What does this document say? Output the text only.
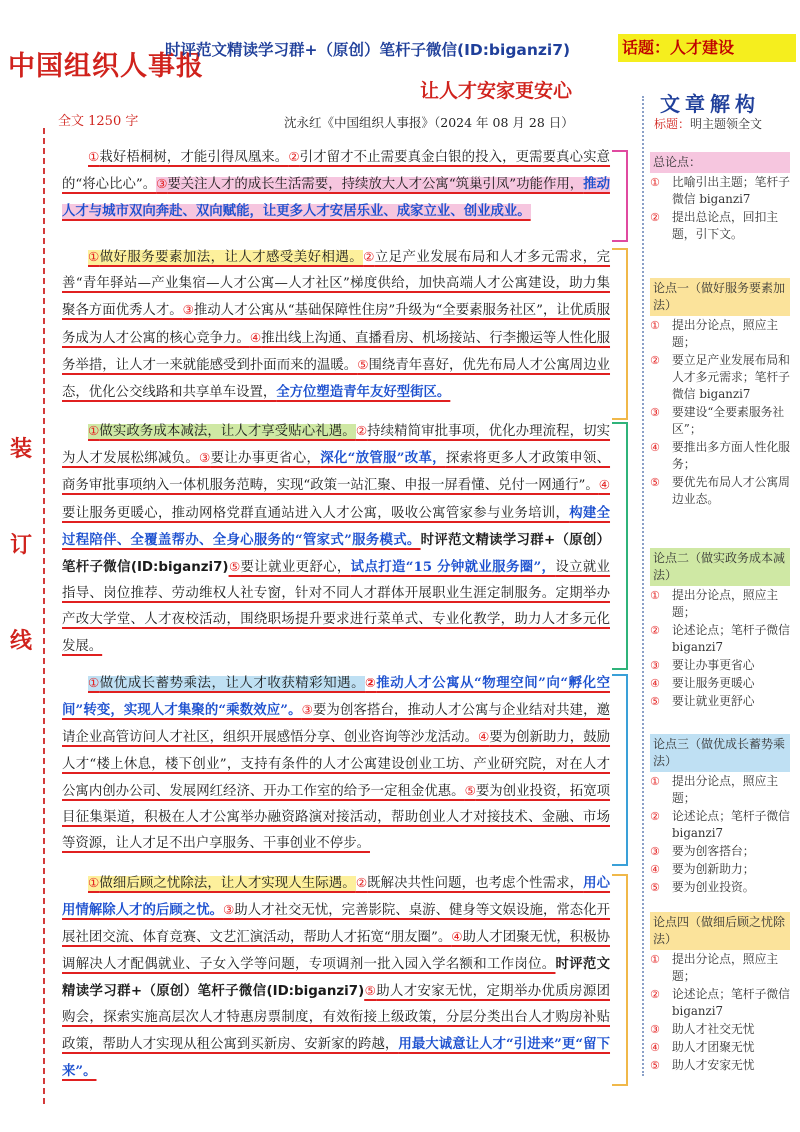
中国组织人事报
时评范文精读学习群+（原创）笔杆子微信(ID:biganzi7)	话题：人才建设
让人才安家更安心
全文 1250 字	沈永红《中国组织人事报》（2024 年 08 月 28 日）
装
订
线
①栽好梧桐树，才能引得凤凰来。②引才留才不止需要真金白银的投入，更需要真心实意的“将心比心”。③要关注人才的成长生活需要，持续放大人才公寓“筑巢引凤”功能作用，推动人才与城市双向奔赴、双向赋能，让更多人才安居乐业、成家立业、创业成业。
①做好服务要素加法，让人才感受美好相遇。②立足产业发展布局和人才多元需求，完善“青年驿站—产业集宿—人才公寓—人才社区”梯度供给，加快高端人才公寓建设，助力集聚各方面优秀人才。③推动人才公寓从“基础保障性住房”升级为“全要素服务社区”，让优质服务成为人才公寓的核心竞争力。④推出线上沟通、直播看房、机场接站、行李搬运等人性化服务举措，让人才一来就能感受到扑面而来的温暖。⑤围绕青年喜好，优先布局人才公寓周边业态，优化公交线路和共享单车设置，全方位塑造青年友好型街区。
①做实政务成本减法，让人才享受贴心礼遇。②持续精简审批事项，优化办理流程，切实为人才发展松绑减负。③要让办事更省心，深化“放管服”改革，探索将更多人才政策申领、商务审批事项纳入一体机服务范畴，实现“政策一站汇聚、申报一屏看懂、兑付一网通行”。④要让服务更暖心，推动网格党群直通站进入人才公寓，吸收公寓管家参与业务培训，构建全过程陪伴、全覆盖帮办、全身心服务的“管家式”服务模式。时评范文精读学习群+（原创）笔杆子微信(ID:biganzi7)⑤要让就业更舒心，试点打造“15 分钟就业服务圈”，设立就业指导、岗位推荐、劳动维权人社专窗，针对不同人才群体开展职业生涯定制服务。定期举办产改大学堂、人才夜校活动，围绕职场提升要求进行菜单式、专业化教学，助力人才多元化发展。
①做优成长蓄势乘法，让人才收获精彩知遇。②推动人才公寓从“物理空间”向“孵化空间”转变，实现人才集聚的“乘数效应”。③要为创客搭台，推动人才公寓与企业结对共建，邀请企业高管访问人才社区，组织开展感悟分享、创业咨询等沙龙活动。④要为创新助力，鼓励人才“楼上休息，楼下创业”，支持有条件的人才公寓建设创业工坊、产业研究院，对在人才公寓内创办公司、发展网红经济、开办工作室的给予一定租金优惠。⑤要为创业投资，拓宽项目征集渠道，积极在人才公寓举办融资路演对接活动，帮助创业人才对接技术、金融、市场等资源，让人才足不出户享服务、干事创业不停步。
①做细后顾之忧除法，让人才实现人生际遇。②既解决共性问题，也考虑个性需求，用心用情解除人才的后顾之忧。③助人才社交无忧，完善影院、桌游、健身等文娱设施，常态化开展社团交流、体育竞赛、文艺汇演活动，帮助人才拓宽“朋友圈”。④助人才团聚无忧，积极协调解决人才配偶就业、子女入学等问题，专项调剂一批入园入学名额和工作岗位。时评范文精读学习群+（原创）笔杆子微信(ID:biganzi7)⑤助人才安家无忧，定期举办优质房源团购会，探索实施高层次人才特惠房票制度，有效衔接上级政策，分层分类出台人才购房补贴政策，帮助人才实现从租公寓到买新房、安新家的跨越，用最大诚意让人才“引进来”更“留下来”。
文章解构
标题：明主题领全文
总论点：
①	比喻引出主题；笔杆子微信 biganzi7
②	提出总论点，回扣主题，引下文。
论点一（做好服务要素加法）
①	提出分论点，照应主题；
②	要立足产业发展布局和人才多元需求；笔杆子微信 biganzi7
③	要建设“全要素服务社区”；
④	要推出多方面人性化服务；
⑤	要优先布局人才公寓周边业态。
论点二（做实政务成本减法）
①	提出分论点，照应主题；
②	论述论点；笔杆子微信 biganzi7
③	要让办事更省心
④	要让服务更暖心
⑤	要让就业更舒心
论点三（做优成长蓄势乘法）
①	提出分论点，照应主题；
②	论述论点；笔杆子微信 biganzi7
③	要为创客搭台；
④	要为创新助力；
⑤	要为创业投资。
论点四（做细后顾之忧除法）
①	提出分论点，照应主题；
②	论述论点；笔杆子微信 biganzi7
③	助人才社交无忧
④	助人才团聚无忧
⑤	助人才安家无忧
